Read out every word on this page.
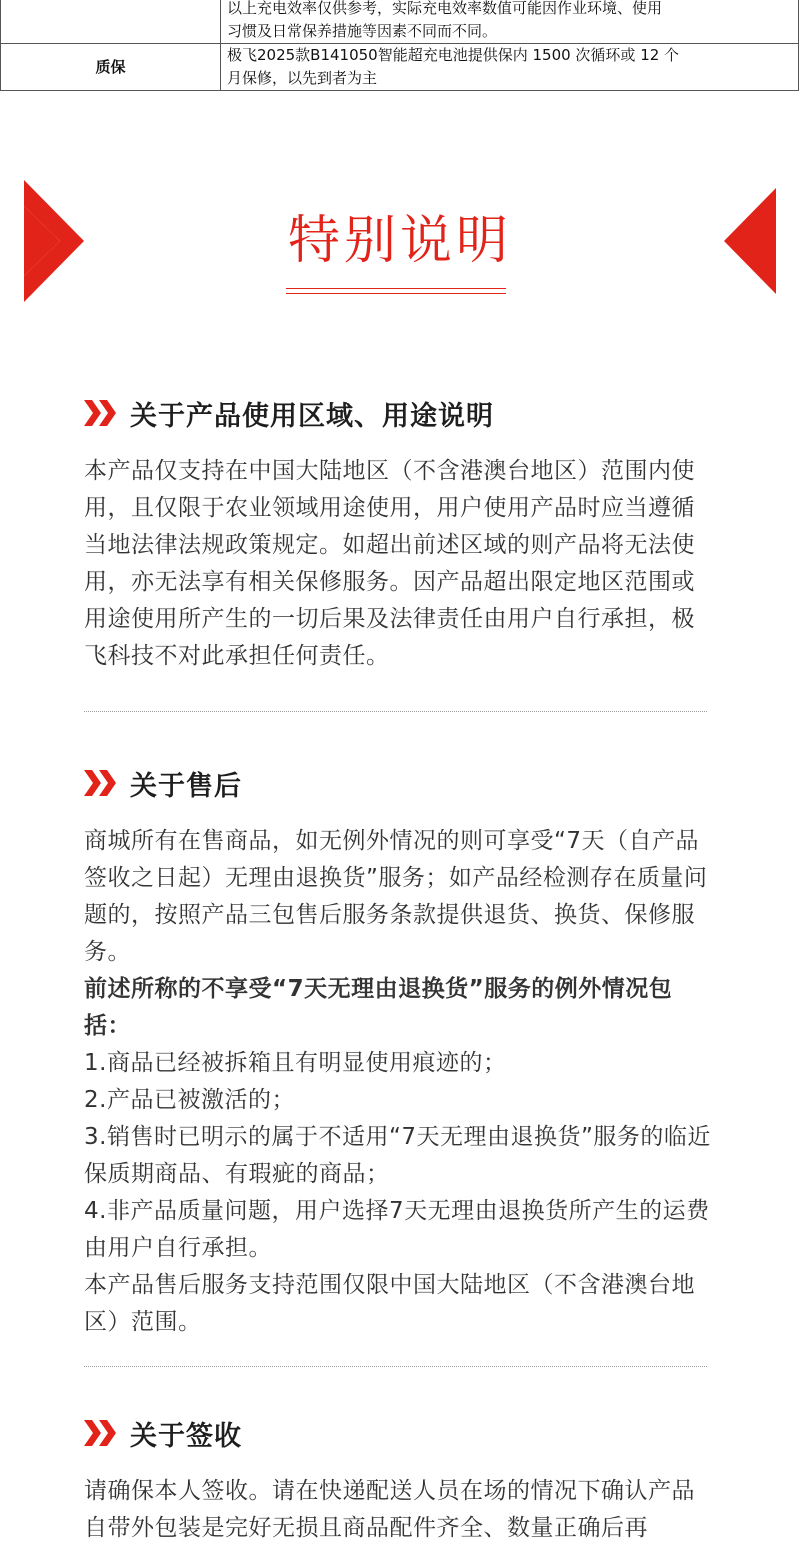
	以上充电效率仅供参考，实际充电效率数值可能因作业环境、使用
习惯及日常保养措施等因素不同而不同。

质保	极飞2025款B141050智能超充电池提供保内 1500 次循环或 12 个
月保修，以先到者为主
特别说明
关于产品使用区域、用途说明

本产品仅支持在中国大陆地区（不含港澳台地区）范围内使用，且仅限于农业领域用途使用，用户使用产品时应当遵循当地法律法规政策规定。如超出前述区域的则产品将无法使用，亦无法享有相关保修服务。因产品超出限定地区范围或用途使用所产生的一切后果及法律责任由用户自行承担，极飞科技不对此承担任何责任。

关于售后

商城所有在售商品，如无例外情况的则可享受“7天（自产品签收之日起）无理由退换货”服务；如产品经检测存在质量问题的，按照产品三包售后服务条款提供退货、换货、保修服务。

前述所称的不享受“7天无理由退换货”服务的例外情况包括：

1.商品已经被拆箱且有明显使用痕迹的；

2.产品已被激活的；

3.销售时已明示的属于不适用“7天无理由退换货”服务的临近保质期商品、有瑕疵的商品；

4.非产品质量问题，用户选择7天无理由退换货所产生的运费由用户自行承担。

本产品售后服务支持范围仅限中国大陆地区（不含港澳台地区）范围。

关于签收

请确保本人签收。请在快递配送人员在场的情况下确认产品自带外包装是完好无损且商品配件齐全、数量正确后再
